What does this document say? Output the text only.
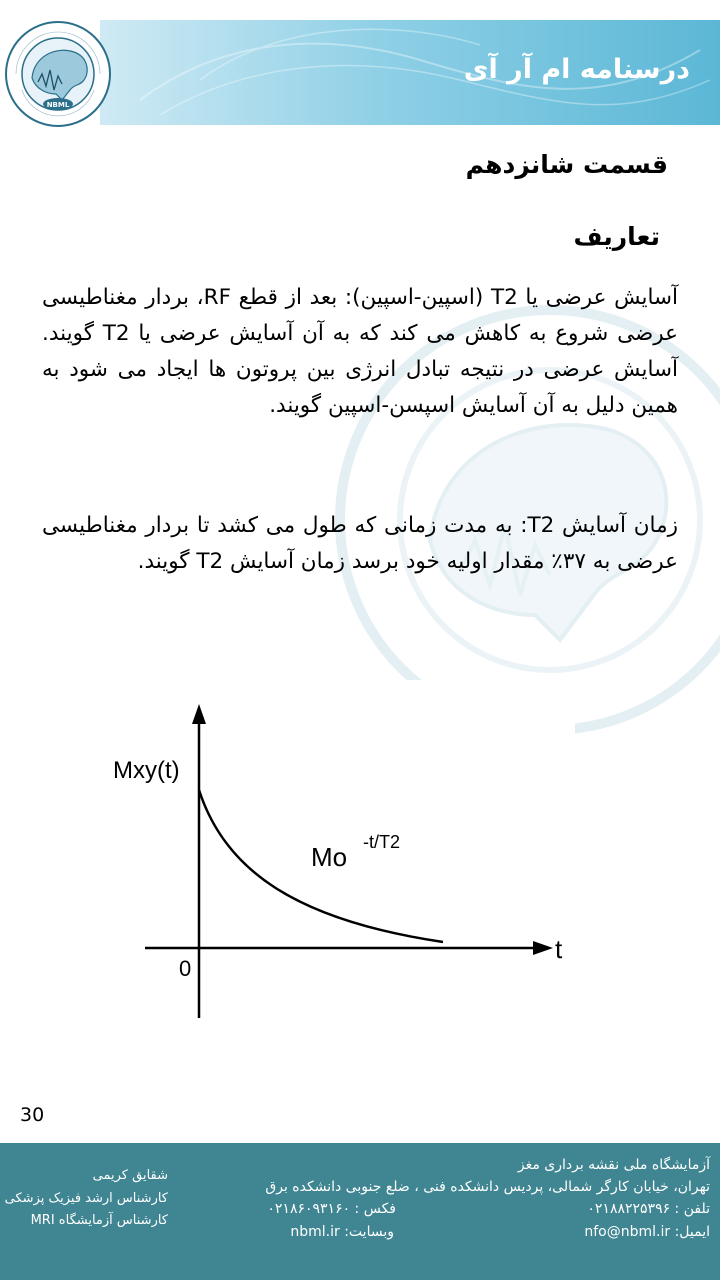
درسنامه ام آر آی
NBML
قسمت شانزدهم
تعاریف
آسایش عرضی یا T2 (اسپین-اسپین): بعد از قطع RF، بردار مغناطیسی عرضی شروع به کاهش می کند که به آن آسایش عرضی یا T2 گویند. آسایش عرضی در نتیجه تبادل انرژی بین پروتون ها ایجاد می شود به همین دلیل به آن آسایش اسپسن-اسپین گویند.
زمان آسایش T2: به مدت زمانی که طول می کشد تا بردار مغناطیسی عرضی به ۳۷٪ مقدار اولیه خود برسد زمان آسایش T2 گویند.
Mxy(t)
t
0
Mo -t/T2
30
آزمایشگاه ملی نقشه برداری مغز
تهران، خیابان کارگر شمالی، پردیس دانشکده فنی ، ضلع جنوبی دانشکده برق
تلفن : ۰۲۱۸۸۲۲۵۳۹۶
ایمیل: nfo@nbml.ir
فکس : ۰۲۱۸۶۰۹۳۱۶۰
وبسایت: nbml.ir
شقایق کریمی
کارشناس ارشد فیزیک پزشکی
کارشناس آزمایشگاه MRI
